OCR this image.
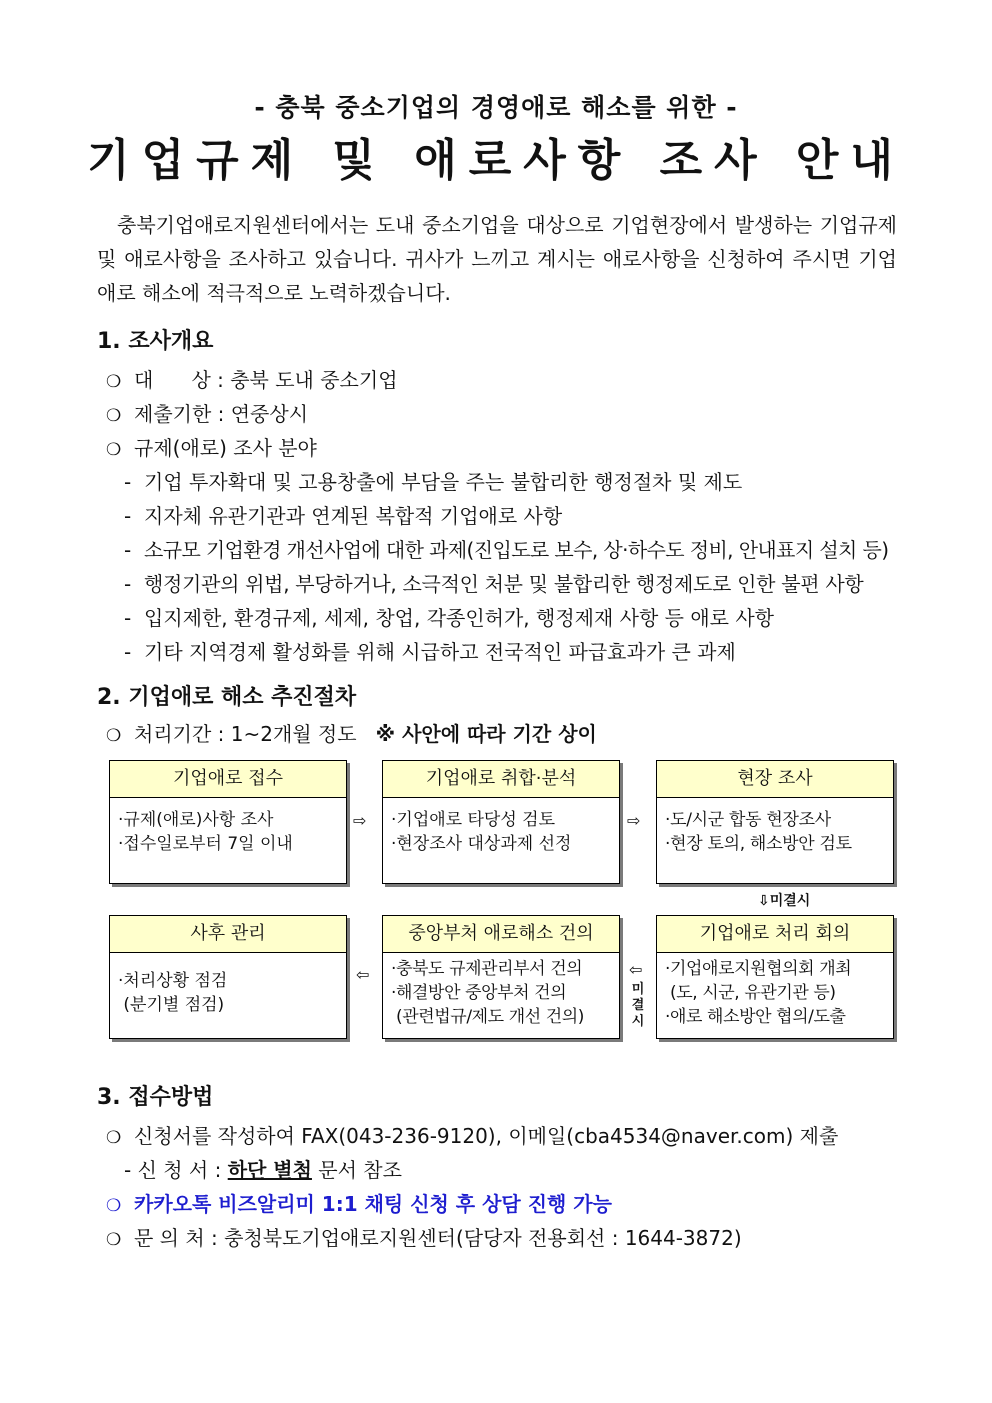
- 충북 중소기업의 경영애로 해소를 위한 -
기업규제 및 애로사항 조사 안내
충북기업애로지원센터에서는 도내 중소기업을 대상으로 기업현장에서 발생하는 기업규제 및 애로사항을 조사하고 있습니다. 귀사가 느끼고 계시는 애로사항을 신청하여 주시면 기업애로 해소에 적극적으로 노력하겠습니다.
1. 조사개요
❍ 대      상 : 충북 도내 중소기업
❍ 제출기한 : 연중상시
❍ 규제(애로) 조사 분야
- 기업 투자확대 및 고용창출에 부담을 주는 불합리한 행정절차 및 제도
- 지자체 유관기관과 연계된 복합적 기업애로 사항
- 소규모 기업환경 개선사업에 대한 과제(진입도로 보수, 상·하수도 정비, 안내표지 설치 등)
- 행정기관의 위법, 부당하거나, 소극적인 처분 및 불합리한 행정제도로 인한 불편 사항
- 입지제한, 환경규제, 세제, 창업, 각종인허가, 행정제재 사항 등 애로 사항
- 기타 지역경제 활성화를 위해 시급하고 전국적인 파급효과가 큰 과제
2. 기업애로 해소 추진절차
❍ 처리기간 : 1~2개월 정도 ※ 사안에 따라 기간 상이
기업애로 접수
·규제(애로)사항 조사
·접수일로부터 7일 이내
⇨
기업애로 취합·분석
·기업애로 타당성 검토
·현장조사 대상과제 선정
⇨
현장 조사
·도/시군 합동 현장조사
·현장 토의, 해소방안 검토
⇩미결시
사후 관리
·처리상황 점검
(분기별 점검)
⇦
중앙부처 애로해소 건의
·충북도 규제관리부서 건의
·해결방안 중앙부처 건의
(관련법규/제도 개선 건의)
⇦
미
결
시
기업애로 처리 회의
·기업애로지원협의회 개최
(도, 시군, 유관기관 등)
·애로 해소방안 협의/도출
3. 접수방법
❍ 신청서를 작성하여 FAX(043-236-9120), 이메일(cba4534@naver.com) 제출
- 신 청 서 : 하단 별첨 문서 참조
❍ 카카오톡 비즈알리미 1:1 채팅 신청 후 상담 진행 가능
❍ 문 의 처 : 충청북도기업애로지원센터(담당자 전용회선 : 1644-3872)
